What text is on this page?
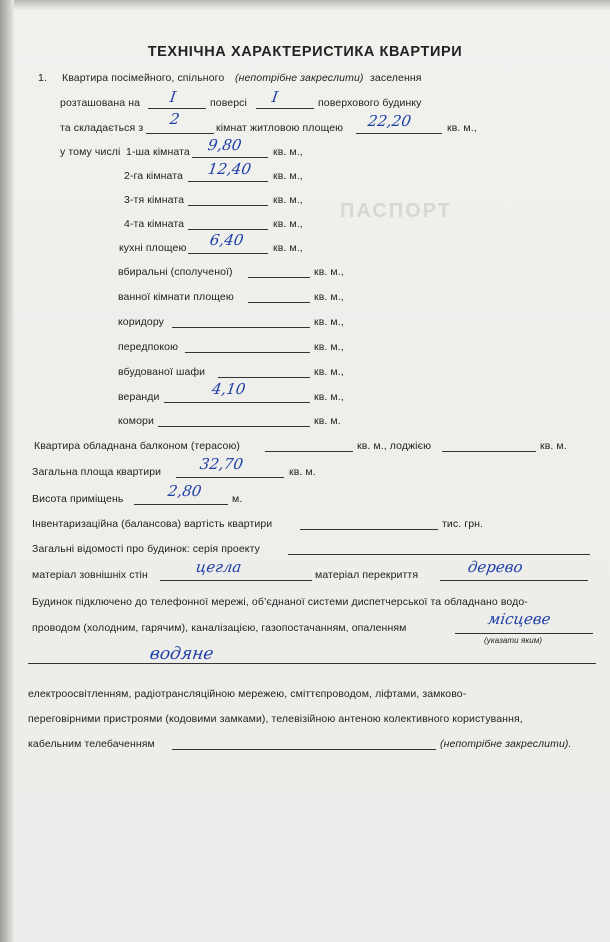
ПАСПОРТ
ТЕХНІЧНА ХАРАКТЕРИСТИКА КВАРТИРИ
1. Квартира посімейного, спільного (непотрібне закреслити) заселення
розташована на I	поверсі I	поверхового будинку
та складається з 2	кімнат житловою площею 22,20	кв. м.,
у тому числі 1-ша кімната 9,80	кв. м.,
2-га кімната 12,40 кв. м.,
3-тя кімната	кв. м.,
4-та кімната	кв. м.,
кухні площею 6,40	кв. м.,
вбиральні (сполученої)	кв. м.,
ванної кімнати площею	кв. м.,
коридору	кв. м.,
передпокою	кв. м.,
вбудованої шафи	кв. м.,
веранди	4,10	кв. м.,
комори	кв. м.
Квартира обладнана балконом (терасою)	кв. м., лоджією	кв. м.
Загальна площа квартири	32,70	кв. м.
Висота приміщень	2,80	м.
Інвентаризаційна (балансова) вартість квартири	тис. грн.
Загальні відомості про будинок: серія проекту
матеріал зовнішніх стін	цегла	матеріал перекриття	дерево
Будинок підключено до телефонної мережі, об’єднаної системи диспетчерської та обладнано водо-
проводом (холодним, гарячим), каналізацією, газопостачанням, опаленням	місцеве
(указати яким)
водяне
електроосвітленням, радіотрансляційною мережею, сміттєпроводом, ліфтами, замково-
переговірними пристроями (кодовими замками), телевізійною антеною колективного користування,
кабельним телебаченням	(непотрібне закреслити).
